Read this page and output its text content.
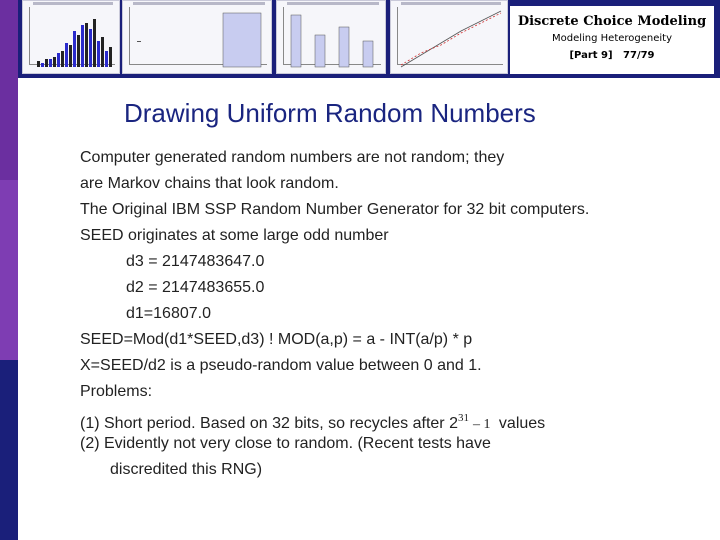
Discrete Choice Modeling
Modeling Heterogeneity
[Part 9] 77/79
Drawing Uniform Random Numbers
Computer generated random numbers are not random; they
are Markov chains that look random.
The Original IBM SSP Random Number Generator for 32 bit computers.
SEED originates at some large odd number
d3 = 2147483647.0
d2 = 2147483655.0
d1=16807.0
SEED=Mod(d1*SEED,d3) ! MOD(a,p) = a - INT(a/p) * p
X=SEED/d2 is a pseudo-random value between 0 and 1.
Problems:
(1) Short period. Based on 32 bits, so recycles after $2^{31} - 1$ values
(2) Evidently not very close to random. (Recent tests have
discredited this RNG)
